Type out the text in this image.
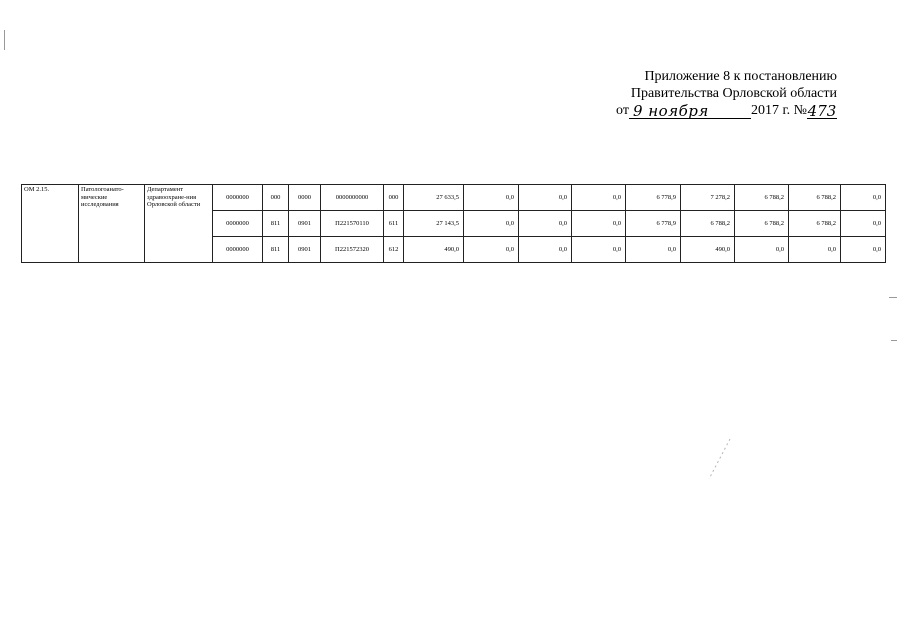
Приложение 8 к постановлению
Правительства Орловской области
от 9 ноября	2017 г. № 473
ОМ 2.15.	Патологоанато-мические исследования	Департамент здравоохране-ния Орловской области	0000000	000	0000	0000000000	000	27 633,5	0,0	0,0	0,0	6 778,9	7 278,2	6 788,2	6 788,2	0,0
			0000000	811	0901	П221570110	611	27 143,5	0,0	0,0	0,0	6 778,9	6 788,2	6 788,2	6 788,2	0,0
			0000000	811	0901	П221572320	612	490,0	0,0	0,0	0,0	0,0	490,0	0,0	0,0	0,0
